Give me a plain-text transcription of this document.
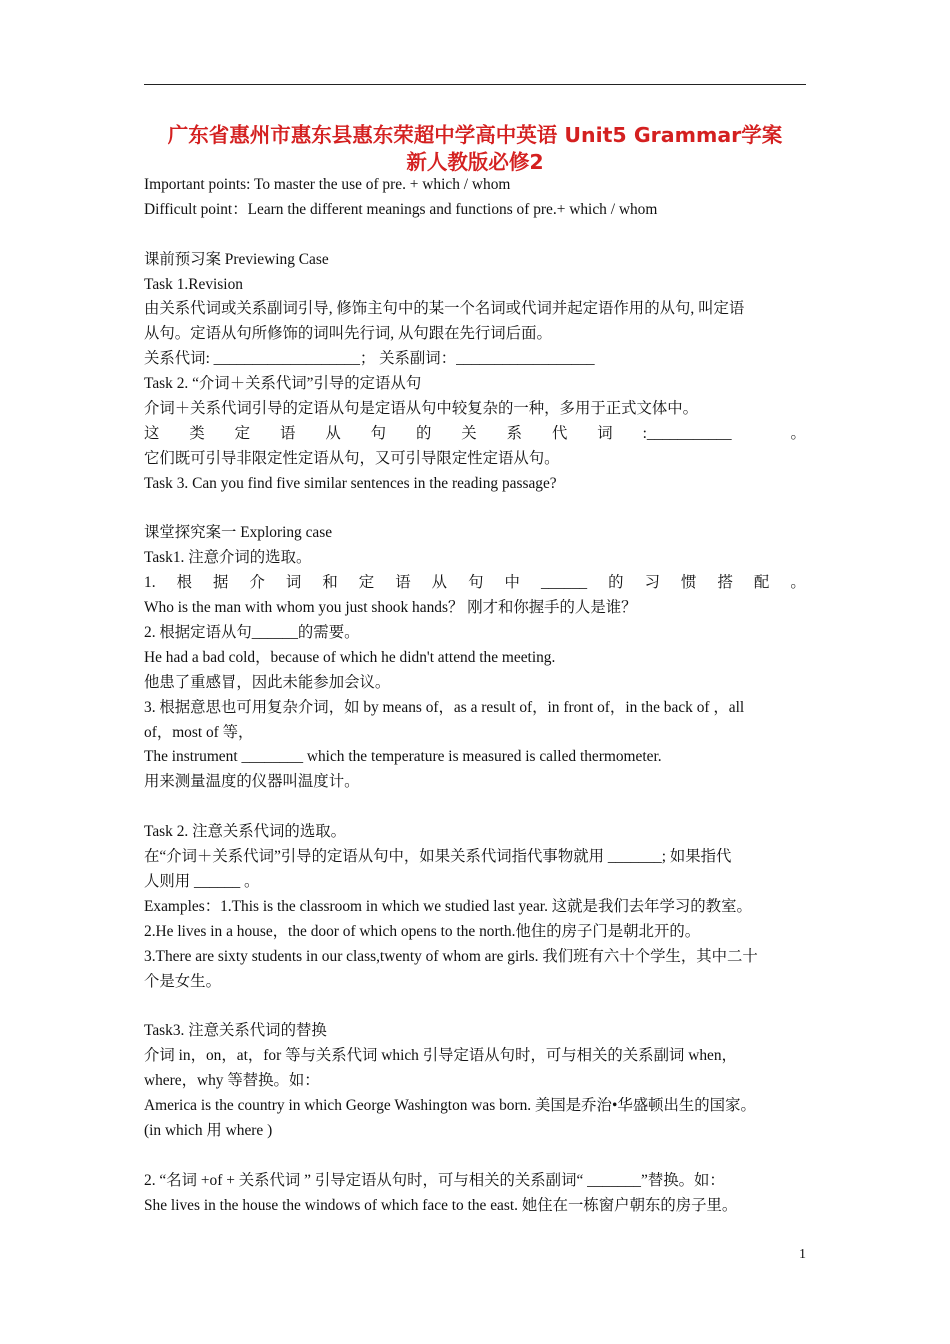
广东省惠州市惠东县惠东荣超中学高中英语 Unit5 Grammar学案
新人教版必修2
Important points: To master the use of pre. + which / whom
Difficult point：Learn the different meanings and functions of pre.+ which / whom
课前预习案 Previewing Case
Task 1.Revision
由关系代词或关系副词引导, 修饰主句中的某一个名词或代词并起定语作用的从句, 叫定语
从句。定语从句所修饰的词叫先行词, 从句跟在先行词后面。
关系代词: ___________________； 关系副词：__________________
Task 2. “介词＋关系代词”引导的定语从句
介词＋关系代词引导的定语从句是定语从句中较复杂的一种，多用于正式文体中。
这 类 定 语 从 句 的 关 系 代 词 :___________	。
它们既可引导非限定性定语从句，又可引导限定性定语从句。
Task 3. Can you find five similar sentences in the reading passage?
课堂探究案一 Exploring case
Task1. 注意介词的选取。
1. 根 据 介 词 和 定 语 从 句 中 ______ 的 习 惯 搭 配 。
Who is the man with whom you just shook hands？ 刚才和你握手的人是谁？
2. 根据定语从句______的需要。
He had a bad cold，because of which he didn't attend the meeting.
他患了重感冒，因此未能参加会议。
3. 根据意思也可用复杂介词，如 by means of，as a result of，in front of，in the back of ，all
of，most of 等，
The instrument ________ which the temperature is measured is called thermometer.
用来测量温度的仪器叫温度计。
Task 2. 注意关系代词的选取。
在“介词＋关系代词”引导的定语从句中，如果关系代词指代事物就用 _______; 如果指代
人则用 ______ 。
Examples：1.This is the classroom in which we studied last year. 这就是我们去年学习的教室。
2.He lives in a house，the door of which opens to the north.他住的房子门是朝北开的。
3.There are sixty students in our class,twenty of whom are girls. 我们班有六十个学生，其中二十
个是女生。
Task3. 注意关系代词的替换
介词 in，on，at，for 等与关系代词 which 引导定语从句时，可与相关的关系副词 when，
where，why 等替换。如：
America is the country in which George Washington was born. 美国是乔治•华盛顿出生的国家。
(in which 用 where )
2. “名词 +of + 关系代词 ” 引导定语从句时，可与相关的关系副词“ _______”替换。如：
She lives in the house the windows of which face to the east. 她住在一栋窗户朝东的房子里。
1
